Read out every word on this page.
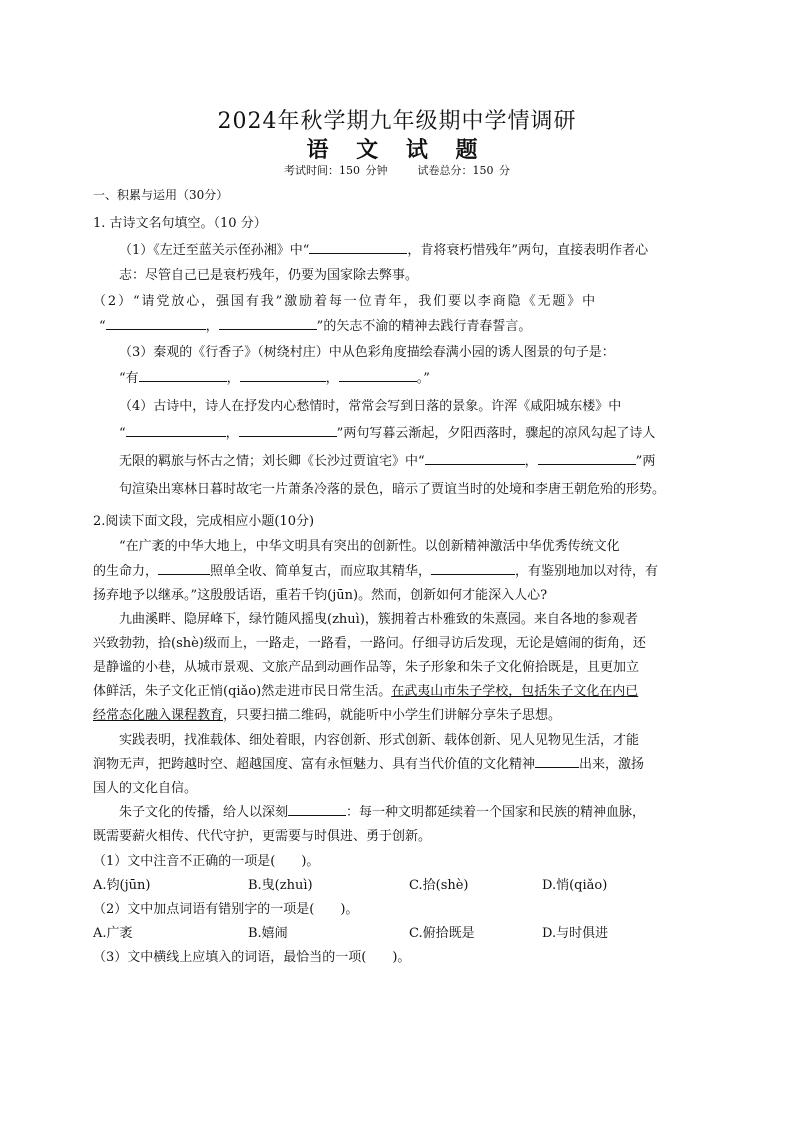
2024年秋学期九年级期中学情调研
语 文 试 题
考试时间：150 分钟	试卷总分：150 分
一、积累与运用（30分）
1. 古诗文名句填空。（10 分）
（1）《左迁至蓝关示侄孙湘》中“	，肯将衰朽惜残年”两句，直接表明作者心
志：尽管自己已是衰朽残年，仍要为国家除去弊事。
（2）“请党放心，强国有我”激励着每一位青年，我们要以李商隐《无题》中
“	，	”的矢志不渝的精神去践行青春誓言。
（3）秦观的《行香子》（树绕村庄）中从色彩角度描绘春满小园的诱人图景的句子是：
“有	，	，	。”
（4）古诗中，诗人在抒发内心愁情时，常常会写到日落的景象。许浑《咸阳城东楼》中
“	，	”两句写暮云渐起，夕阳西落时，骤起的凉风勾起了诗人
无限的羁旅与怀古之情；刘长卿《长沙过贾谊宅》中“	，	”两
句渲染出寒林日暮时故宅一片萧条冷落的景色，暗示了贾谊当时的处境和李唐王朝危殆的形势。
2.阅读下面文段，完成相应小题(10分)
“在广袤的中华大地上，中华文明具有突出的创新性。以创新精神激活中华优秀传统文化
的生命力，	照单全收、简单复古，而应取其精华，	，有鉴别地加以对待，有
扬弃地予以继承。”这殷殷话语，重若千钧(jūn)。然而，创新如何才能深入人心?
九曲溪畔、隐屏峰下，绿竹随风摇曳(zhuì)，簇拥着古朴雅致的朱熹园。来自各地的参观者
兴致勃勃，拾(shè)级而上，一路走，一路看，一路问。仔细寻访后发现，无论是嬉闹的街角，还
是静谧的小巷，从城市景观、文旅产品到动画作品等，朱子形象和朱子文化俯拾既是，且更加立
体鲜活，朱子文化正悄(qiǎo)然走进市民日常生活。在武夷山市朱子学校，包括朱子文化在内已
经常态化融入课程教育，只要扫描二维码，就能听中小学生们讲解分享朱子思想。
实践表明，找准载体、细处着眼，内容创新、形式创新、载体创新、见人见物见生活，才能
润物无声，把跨越时空、超越国度、富有永恒魅力、具有当代价值的文化精神	出来，激扬
国人的文化自信。
朱子文化的传播，给人以深刻	：每一种文明都延续着一个国家和民族的精神血脉，
既需要薪火相传、代代守护，更需要与时俱进、勇于创新。
（1）文中注音不正确的一项是(　　)。
A.钧(jūn)	B.曳(zhuì)	C.拾(shè)	D.悄(qiǎo)
（2）文中加点词语有错别字的一项是(　　)。
A.广袤	B.嬉闹	C.俯拾既是	D.与时俱进
（3）文中横线上应填入的词语，最恰当的一项(　　)。
